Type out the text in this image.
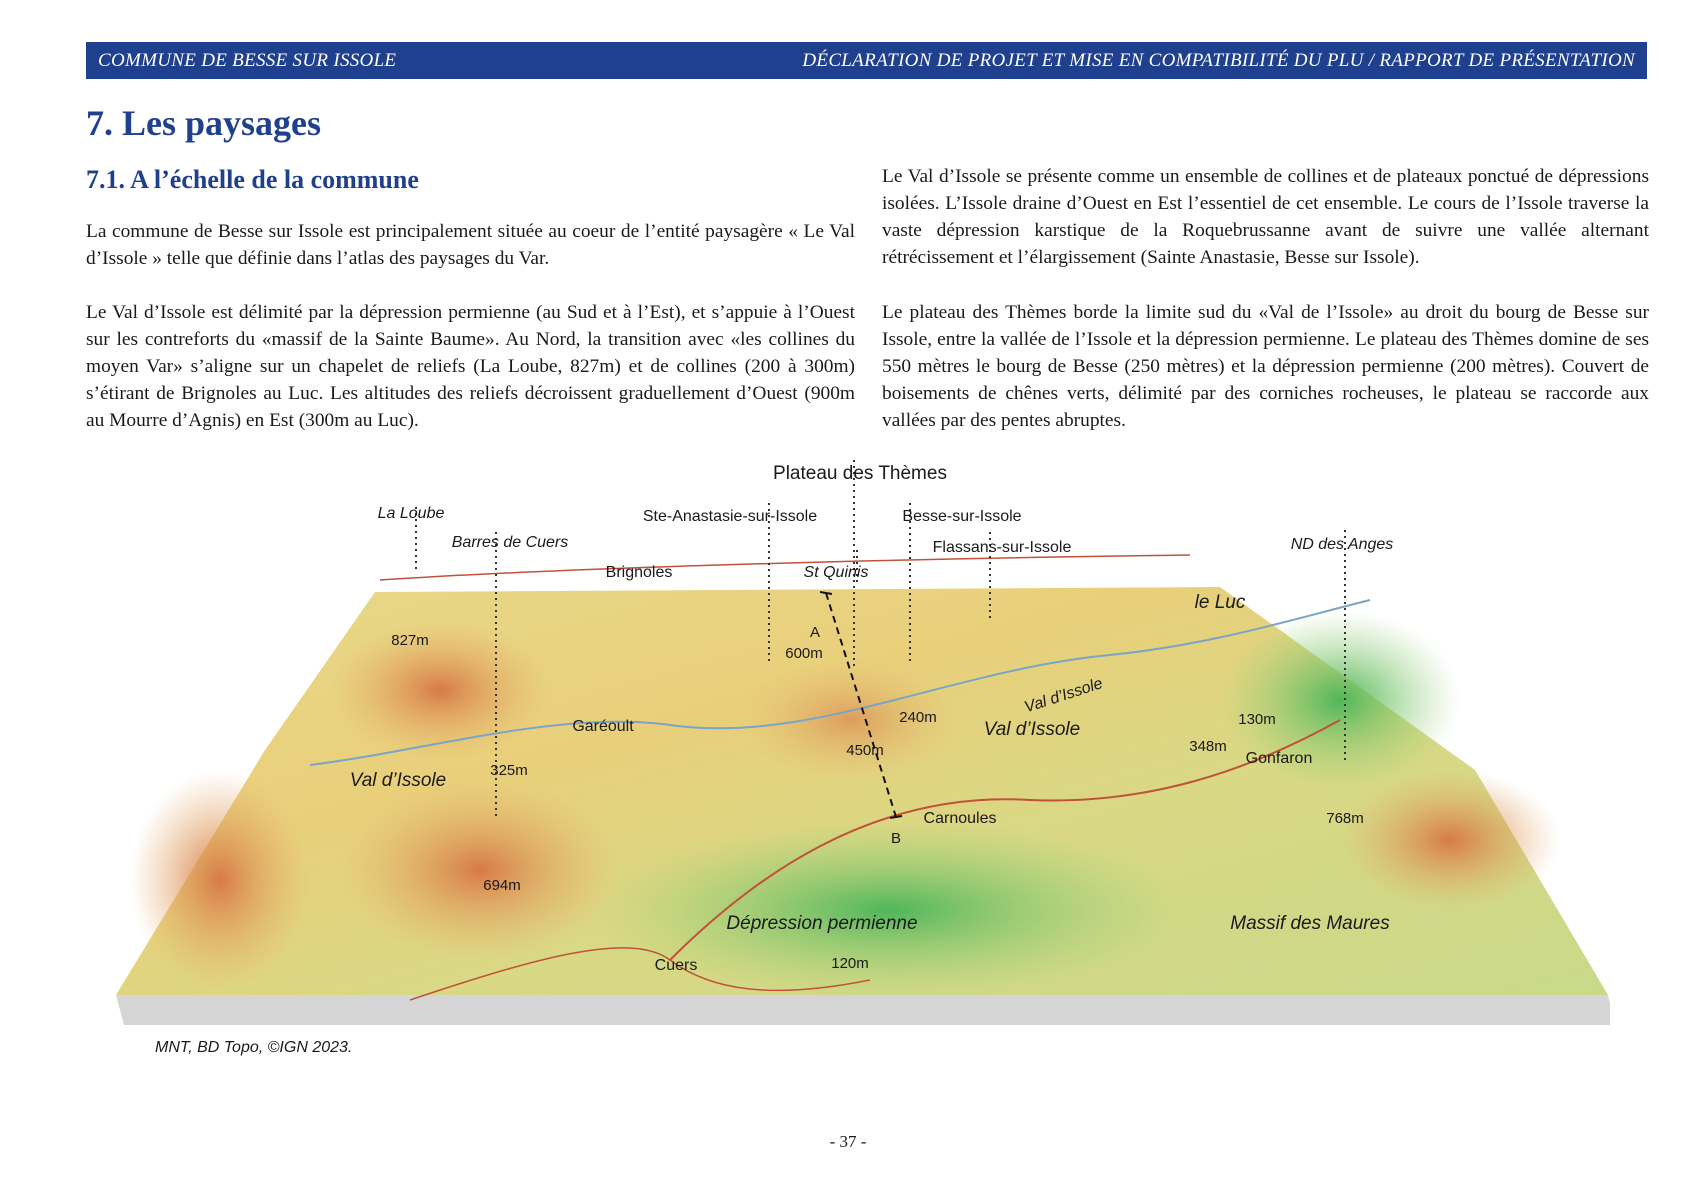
COMMUNE DE BESSE SUR ISSOLE	DÉCLARATION DE PROJET ET MISE EN COMPATIBILITÉ DU PLU / RAPPORT DE PRÉSENTATION
7. Les paysages
7.1. A l’échelle de la commune

La commune de Besse sur Issole est principalement située au coeur de l’entité paysagère « Le Val d’Issole » telle que définie dans l’atlas des paysages du Var.

Le Val d’Issole est délimité par la dépression permienne (au Sud et à l’Est), et s’appuie à l’Ouest sur les contreforts du «massif de la Sainte Baume». Au Nord, la transition avec «les collines du moyen Var» s’aligne sur un chapelet de reliefs (La Loube, 827m) et de collines (200 à 300m) s’étirant de Brignoles au Luc. Les altitudes des reliefs décroissent graduellement d’Ouest (900m au Mourre d’Agnis) en Est (300m au Luc).

Le Val d’Issole se présente comme un ensemble de collines et de plateaux ponctué de dépressions isolées. L’Issole draine d’Ouest en Est l’essentiel de cet ensemble. Le cours de l’Issole traverse la vaste dépression karstique de la Roquebrussanne avant de suivre une vallée alternant rétrécissement et l’élargissement (Sainte Anastasie, Besse sur Issole).

Le plateau des Thèmes borde la limite sud du «Val de l’Issole» au droit du bourg de Besse sur Issole, entre la vallée de l’Issole et la dépression permienne. Le plateau des Thèmes domine de ses 550 mètres le bourg de Besse (250 mètres) et la dépression permienne (200 mètres). Couvert de boisements de chênes verts, délimité par des corniches rocheuses, le plateau se raccorde aux vallées par des pentes abruptes.

Plateau des Thèmes
La Loube
Barres de Cuers
Ste-Anastasie-sur-Issole	Besse-sur-Issole
Flassans-sur-Issole	ND des Anges
Brignoles	St Quinis
le Luc
827m	A
600m
Val d’Issole
240m
Val d’Issole	130m
Garéoult
450m	348m
Gonfaron
Val d’Issole	325m
Carnoules	768m
B
694m
Dépression permienne	Massif des Maures
Cuers	120m
MNT, BD Topo, ©IGN 2023.
- 37 -
